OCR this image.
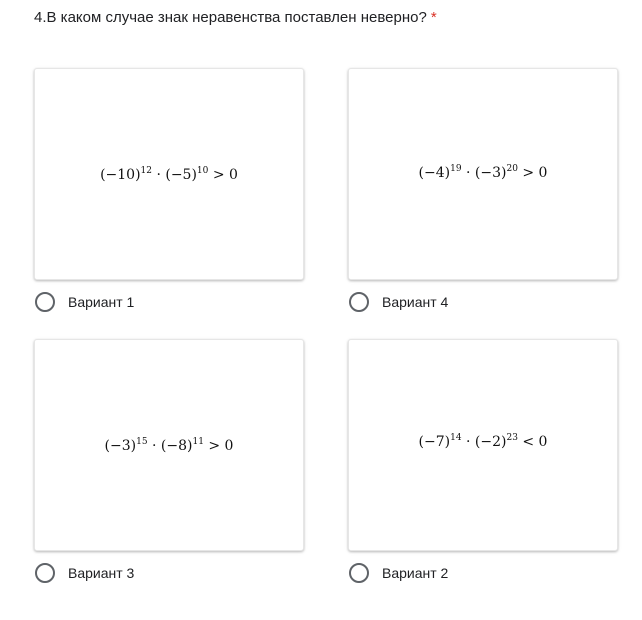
4.В каком случае знак неравенства поставлен неверно? *
$(-10)^{12} \cdot (-5)^{10} > 0$
Вариант 1
$(-4)^{19} \cdot (-3)^{20} > 0$
Вариант 4
$(-3)^{15} \cdot (-8)^{11} > 0$
Вариант 3
$(-7)^{14} \cdot (-2)^{23} < 0$
Вариант 2
